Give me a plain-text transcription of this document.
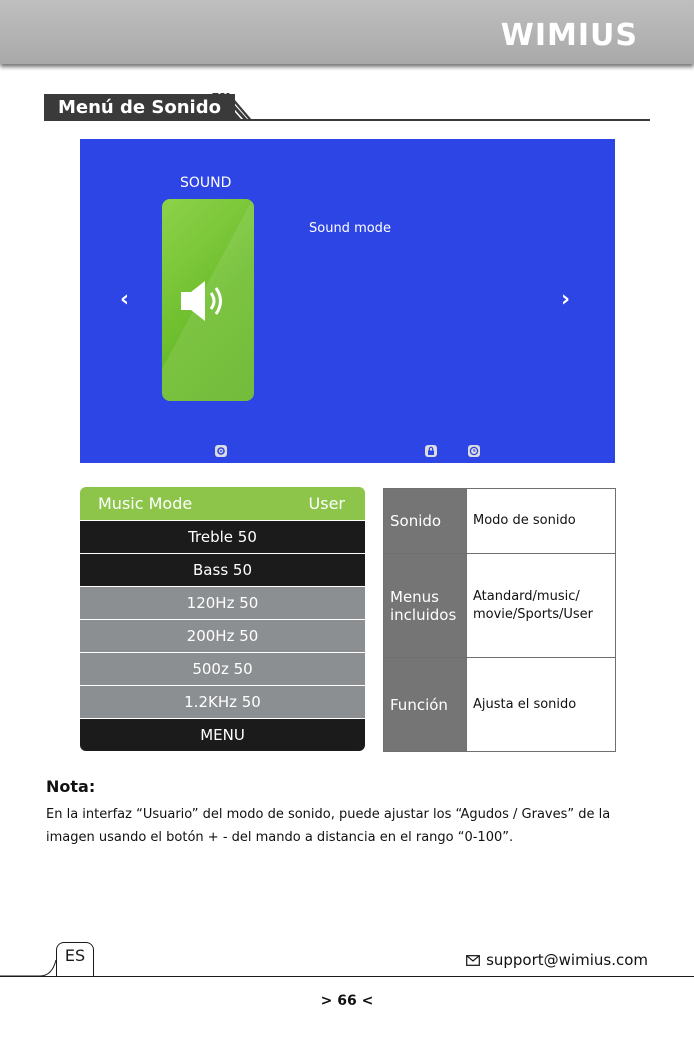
WIMIUS
Menú de Sonido
SOUND
Sound mode
‹	›
Music Mode	User
Treble 50
Bass 50
120Hz 50
200Hz 50
500z 50
1.2KHz 50
MENU
Sonido	Modo de sonido
Menus incluidos	Atandard/music/ movie/Sports/User
Función	Ajusta el sonido
Nota:
En la interfaz “Usuario” del modo de sonido, puede ajustar los “Agudos / Graves” de la imagen usando el botón + - del mando a distancia en el rango “0-100”.
ES	support@wimius.com
> 66 <
